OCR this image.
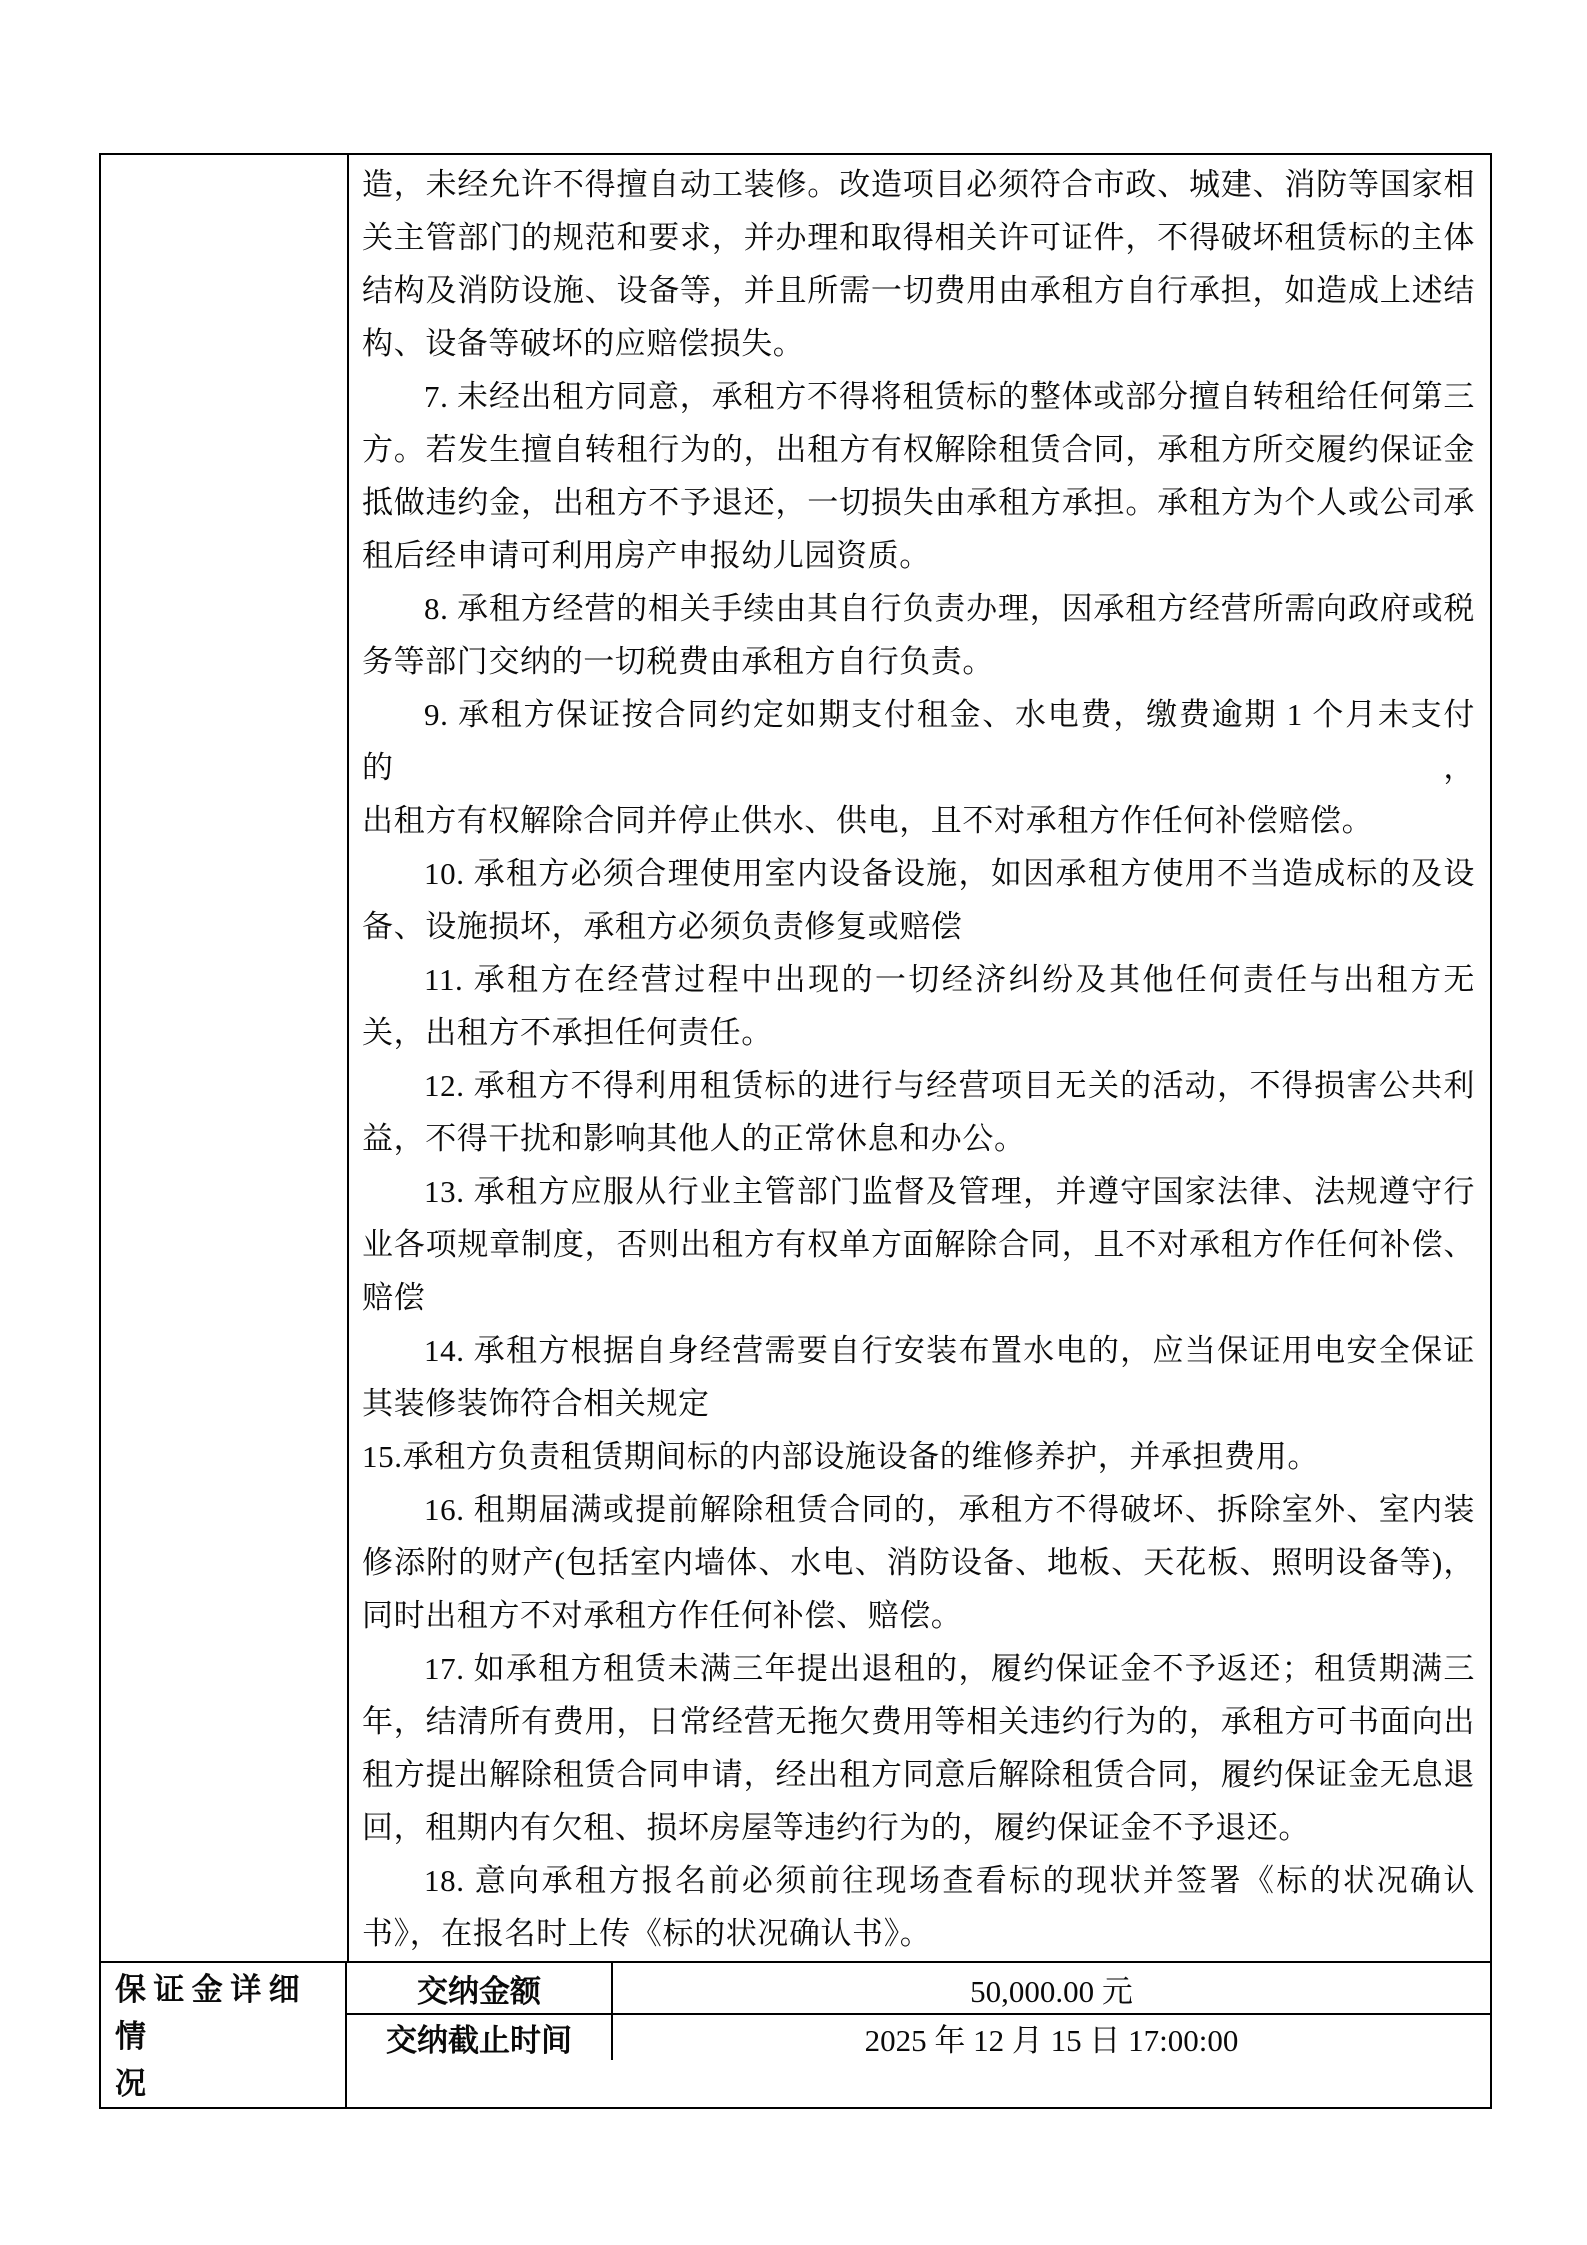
造，未经允许不得擅自动工装修。改造项目必须符合市政、城建、消防等国家相
关主管部门的规范和要求，并办理和取得相关许可证件，不得破坏租赁标的主体
结构及消防设施、设备等，并且所需一切费用由承租方自行承担，如造成上述结
构、设备等破坏的应赔偿损失。
7. 未经出租方同意，承租方不得将租赁标的整体或部分擅自转租给任何第三
方。若发生擅自转租行为的，出租方有权解除租赁合同，承租方所交履约保证金
抵做违约金，出租方不予退还，一切损失由承租方承担。承租方为个人或公司承
租后经申请可利用房产申报幼儿园资质。
8. 承租方经营的相关手续由其自行负责办理，因承租方经营所需向政府或税
务等部门交纳的一切税费由承租方自行负责。
9. 承租方保证按合同约定如期支付租金、水电费，缴费逾期 1 个月未支付的，
出租方有权解除合同并停止供水、供电，且不对承租方作任何补偿赔偿。
10. 承租方必须合理使用室内设备设施，如因承租方使用不当造成标的及设
备、设施损坏，承租方必须负责修复或赔偿
11. 承租方在经营过程中出现的一切经济纠纷及其他任何责任与出租方无
关，出租方不承担任何责任。
12. 承租方不得利用租赁标的进行与经营项目无关的活动，不得损害公共利
益，不得干扰和影响其他人的正常休息和办公。
13. 承租方应服从行业主管部门监督及管理，并遵守国家法律、法规遵守行
业各项规章制度，否则出租方有权单方面解除合同，且不对承租方作任何补偿、
赔偿
14. 承租方根据自身经营需要自行安装布置水电的，应当保证用电安全保证
其装修装饰符合相关规定
15.承租方负责租赁期间标的内部设施设备的维修养护，并承担费用。
16. 租期届满或提前解除租赁合同的，承租方不得破坏、拆除室外、室内装
修添附的财产(包括室内墙体、水电、消防设备、地板、天花板、照明设备等)，
同时出租方不对承租方作任何补偿、赔偿。
17. 如承租方租赁未满三年提出退租的，履约保证金不予返还；租赁期满三
年，结清所有费用，日常经营无拖欠费用等相关违约行为的，承租方可书面向出
租方提出解除租赁合同申请，经出租方同意后解除租赁合同，履约保证金无息退
回，租期内有欠租、损坏房屋等违约行为的，履约保证金不予退还。
18. 意向承租方报名前必须前往现场查看标的现状并签署《标的状况确认
书》，在报名时上传《标的状况确认书》。
保证金详细情
况
交纳金额	50,000.00 元
交纳截止时间	2025 年 12 月 15 日 17:00:00
